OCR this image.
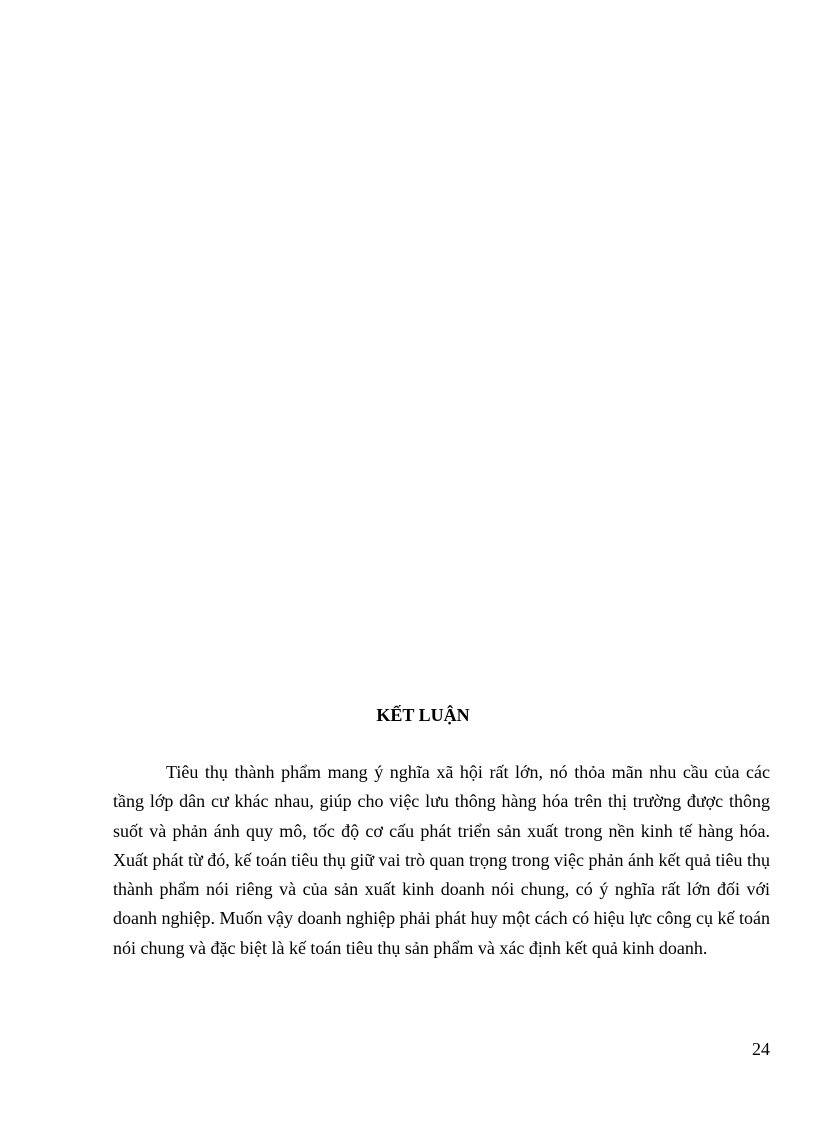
KẾT LUẬN

Tiêu thụ thành phẩm mang ý nghĩa xã hội rất lớn, nó thỏa mãn nhu cầu của các tầng lớp dân cư khác nhau, giúp cho việc lưu thông hàng hóa trên thị trường được thông suốt và phản ánh quy mô, tốc độ cơ cấu phát triển sản xuất trong nền kinh tế hàng hóa. Xuất phát từ đó, kế toán tiêu thụ giữ vai trò quan trọng trong việc phản ánh kết quả tiêu thụ thành phẩm nói riêng và của sản xuất kinh doanh nói chung, có ý nghĩa rất lớn đối với doanh nghiệp. Muốn vậy doanh nghiệp phải phát huy một cách có hiệu lực công cụ kế toán nói chung và đặc biệt là kế toán tiêu thụ sản phẩm và xác định kết quả kinh doanh.

24
